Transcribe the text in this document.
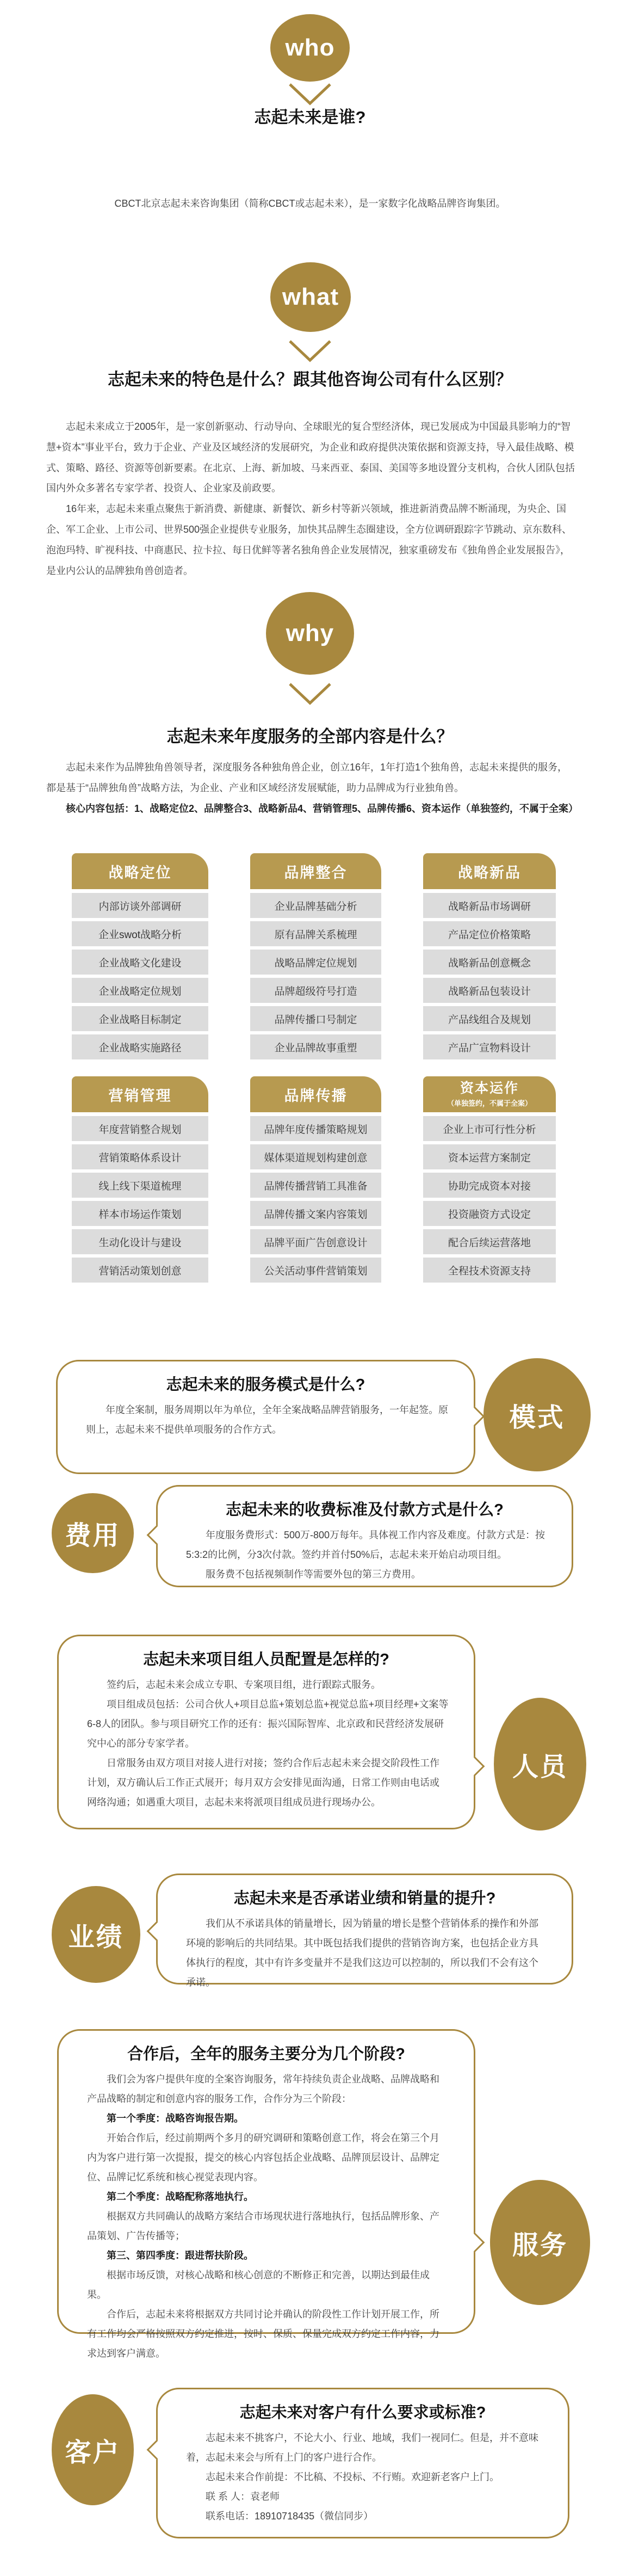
who
志起未来是谁?

CBCT北京志起未来咨询集团（简称CBCT或志起未来），是一家数字化战略品牌咨询集团。

what
志起未来的特色是什么？跟其他咨询公司有什么区别？

志起未来成立于2005年，是一家创新驱动、行动导向、全球眼光的复合型经济体，现已发展成为中国最具影响力的“智慧+资本”事业平台，致力于企业、产业及区域经济的发展研究，为企业和政府提供决策依据和资源支持，导入最佳战略、模式、策略、路径、资源等创新要素。在北京、上海、新加坡、马来西亚、泰国、美国等多地设置分支机构，合伙人团队包括国内外众多著名专家学者、投资人、企业家及前政要。

16年来，志起未来重点聚焦于新消费、新健康、新餐饮、新乡村等新兴领域，推进新消费品牌不断涌现，为央企、国企、军工企业、上市公司、世界500强企业提供专业服务，加快其品牌生态圈建设，全方位调研跟踪字节跳动、京东数科、泡泡玛特、旷视科技、中商惠民、拉卡拉、每日优鲜等著名独角兽企业发展情况，独家重磅发布《独角兽企业发展报告》，是业内公认的品牌独角兽创造者。

why
志起未来年度服务的全部内容是什么？

志起未来作为品牌独角兽领导者，深度服务各种独角兽企业，创立16年，1年打造1个独角兽，志起未来提供的服务，都是基于“品牌独角兽”战略方法，为企业、产业和区域经济发展赋能，助力品牌成为行业独角兽。

核心内容包括：1、战略定位2、品牌整合3、战略新品4、营销管理5、品牌传播6、资本运作（单独签约，不属于全案）

战略定位
内部访谈外部调研
企业swot战略分析
企业战略文化建设
企业战略定位规划
企业战略目标制定
企业战略实施路径
品牌整合
企业品牌基础分析
原有品牌关系梳理
战略品牌定位规划
品牌超级符号打造
品牌传播口号制定
企业品牌故事重塑
战略新品
战略新品市场调研
产品定位价格策略
战略新品创意概念
战略新品包装设计
产品线组合及规划
产品广宣物料设计
营销管理
年度营销整合规划
营销策略体系设计
线上线下渠道梳理
样本市场运作策划
生动化设计与建设
营销活动策划创意
品牌传播
品牌年度传播策略规划
媒体渠道规划构建创意
品牌传播营销工具准备
品牌传播文案内容策划
品牌平面广告创意设计
公关活动事件营销策划
资本运作
（单独签约，不属于全案）
企业上市可行性分析
资本运营方案制定
协助完成资本对接
投资融资方式设定
配合后续运营落地
全程技术资源支持
志起未来的服务模式是什么?

年度全案制，服务周期以年为单位，全年全案战略品牌营销服务，一年起签。原则上，志起未来不提供单项服务的合作方式。	模式
志起未来的收费标准及付款方式是什么?

年度服务费形式：500万-800万每年。具体视工作内容及难度。付款方式是：按5:3:2的比例，分3次付款。签约并首付50%后，志起未来开始启动项目组。

服务费不包括视频制作等需要外包的第三方费用。

费用
志起未来项目组人员配置是怎样的?

签约后，志起未来会成立专职、专案项目组，进行跟踪式服务。

项目组成员包括：公司合伙人+项目总监+策划总监+视觉总监+项目经理+文案等6-8人的团队。参与项目研究工作的还有：振兴国际智库、北京政和民营经济发展研究中心的部分专家学者。

日常服务由双方项目对接人进行对接；签约合作后志起未来会提交阶段性工作计划，双方确认后工作正式展开；每月双方会安排见面沟通，日常工作则由电话或网络沟通；如遇重大项目，志起未来将派项目组成员进行现场办公。

人员
志起未来是否承诺业绩和销量的提升?

我们从不承诺具体的销量增长，因为销量的增长是整个营销体系的操作和外部环境的影响后的共同结果。其中既包括我们提供的营销咨询方案，也包括企业方具体执行的程度，其中有许多变量并不是我们这边可以控制的，所以我们不会有这个承诺。

业绩
合作后，全年的服务主要分为几个阶段?

我们会为客户提供年度的全案咨询服务，常年持续负责企业战略、品牌战略和产品战略的制定和创意内容的服务工作，合作分为三个阶段：

第一个季度：战略咨询报告期。

开始合作后，经过前期两个多月的研究调研和策略创意工作，将会在第三个月内为客户进行第一次提报，提交的核心内容包括企业战略、品牌顶层设计、品牌定位、品牌记忆系统和核心视觉表现内容。

第二个季度：战略配称落地执行。

根据双方共同确认的战略方案结合市场现状进行落地执行，包括品牌形象、产品策划、广告传播等；

第三、第四季度：跟进帮扶阶段。

根据市场反馈，对核心战略和核心创意的不断修正和完善，以期达到最佳成果。

合作后，志起未来将根据双方共同讨论并确认的阶段性工作计划开展工作，所有工作均会严格按照双方约定推进，按时、保质、保量完成双方约定工作内容，力求达到客户满意。

服务
志起未来对客户有什么要求或标准?

志起未来不挑客户，不论大小、行业、地域，我们一视同仁。但是，并不意味着，志起未来会与所有上门的客户进行合作。

志起未来合作前提：不比稿、不投标、不行贿。欢迎新老客户上门。

联 系 人：袁老师

联系电话：18910718435（微信同步）

客户
